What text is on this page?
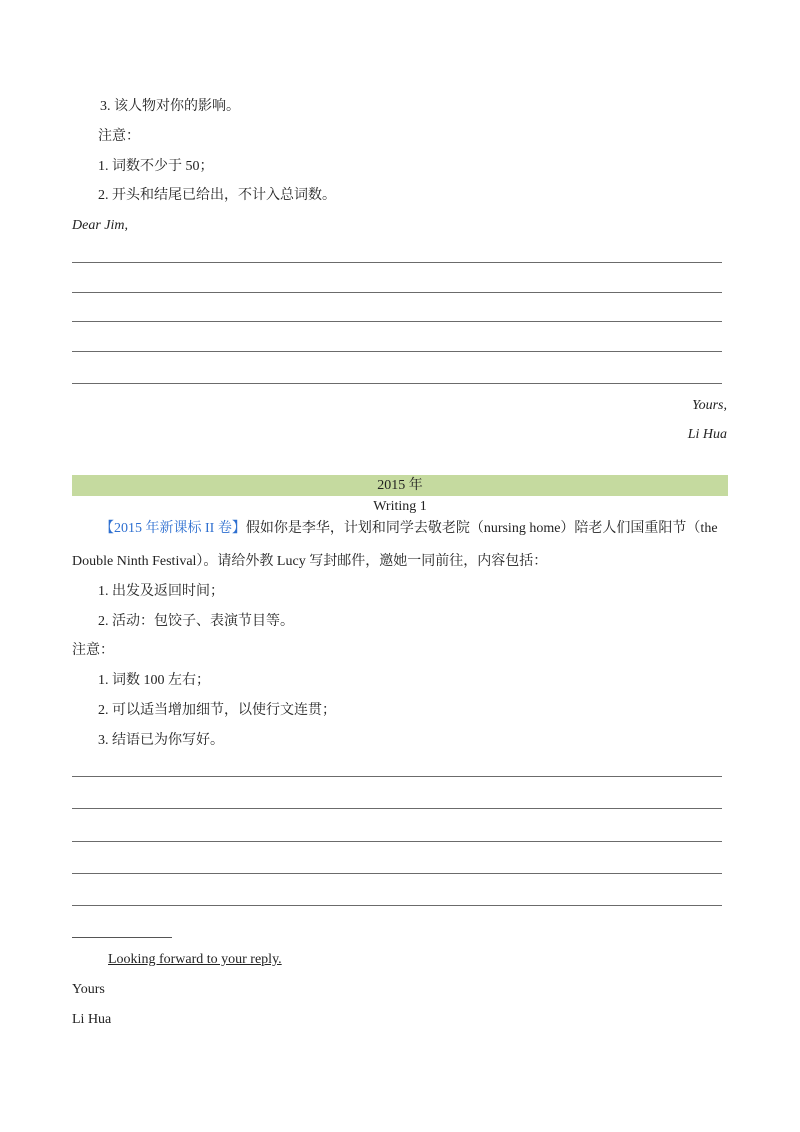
3. 该人物对你的影响。
注意：
1. 词数不少于 50；
2. 开头和结尾已给出，不计入总词数。
Dear Jim,
Yours,
Li Hua
2015 年
Writing 1
【2015 年新课标 II 卷】假如你是李华，计划和同学去敬老院（nursing home）陪老人们国重阳节（the
Double Ninth Festival）。请给外教 Lucy 写封邮件，邀她一同前往，内容包括：
1. 出发及返回时间；
2. 活动：包饺子、表演节目等。
注意：
1. 词数 100 左右；
2. 可以适当增加细节，以使行文连贯；
3. 结语已为你写好。
Looking forward to your reply.
Yours
Li Hua
